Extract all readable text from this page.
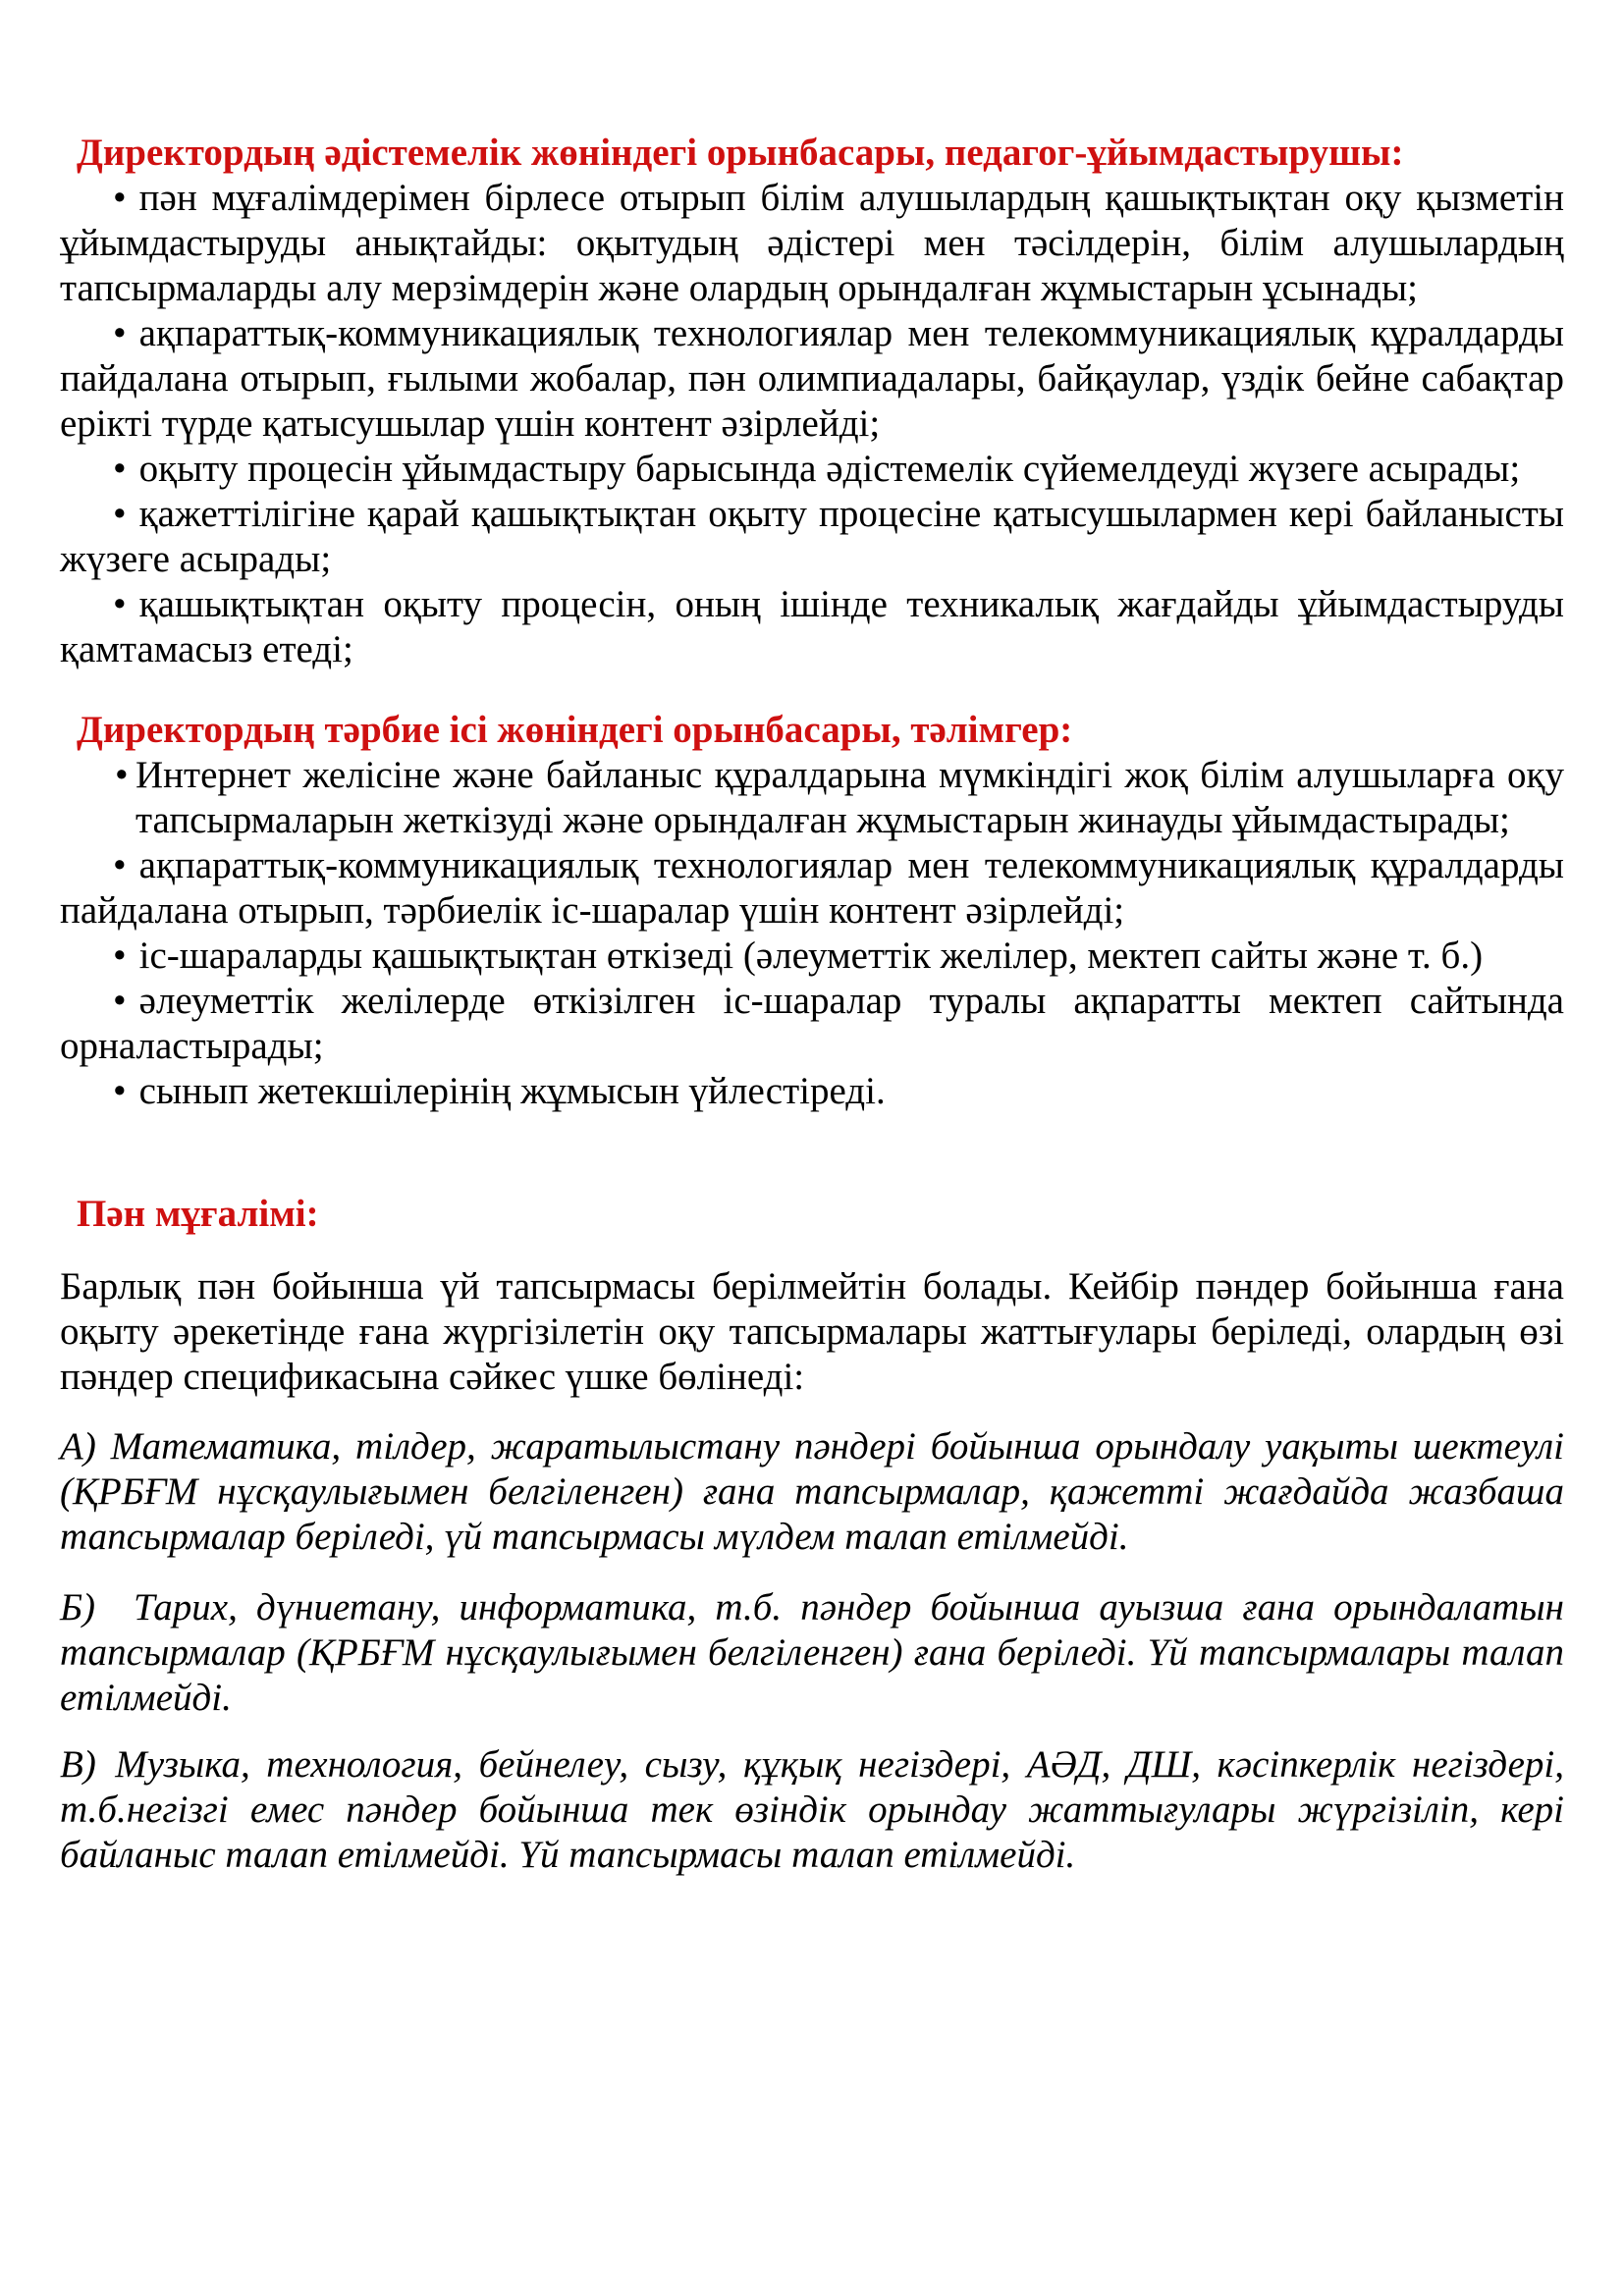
Директордың әдістемелік жөніндегі орынбасары, педагог-ұйымдастырушы:

• пән мұғалімдерімен бірлесе отырып білім алушылардың қашықтықтан оқу қызметін ұйымдастыруды анықтайды: оқытудың әдістері мен тәсілдерін, білім алушылардың тапсырмаларды алу мерзімдерін және олардың орындалған жұмыстарын ұсынады;

• ақпараттық-коммуникациялық технологиялар мен телекоммуникациялық құралдарды пайдалана отырып, ғылыми жобалар, пән олимпиадалары, байқаулар, үздік бейне сабақтар ерікті түрде қатысушылар үшін контент әзірлейді;

• оқыту процесін ұйымдастыру барысында әдістемелік сүйемелдеуді жүзеге асырады;

• қажеттілігіне қарай қашықтықтан оқыту процесіне қатысушылармен кері байланысты жүзеге асырады;

• қашықтықтан оқыту процесін, оның ішінде техникалық жағдайды ұйымдастыруды қамтамасыз етеді;

Директордың тәрбие ісі жөніндегі орынбасары, тәлімгер:

• Интернет желісіне және байланыс құралдарына мүмкіндігі жоқ білім алушыларға оқу тапсырмаларын жеткізуді және орындалған жұмыстарын жинауды ұйымдастырады;

• ақпараттық-коммуникациялық технологиялар мен телекоммуникациялық құралдарды пайдалана отырып, тәрбиелік іс-шаралар үшін контент әзірлейді;

• іс-шараларды қашықтықтан өткізеді (әлеуметтік желілер, мектеп сайты және т. б.)

• әлеуметтік желілерде өткізілген іс-шаралар туралы ақпаратты мектеп сайтында орналастырады;

• сынып жетекшілерінің жұмысын үйлестіреді.

Пән мұғалімі:

Барлық пән бойынша үй тапсырмасы берілмейтін болады. Кейбір пәндер бойынша ғана оқыту әрекетінде ғана жүргізілетін оқу тапсырмалары жаттығулары беріледі, олардың өзі пәндер спецификасына сәйкес үшке бөлінеді:

А) Математика, тілдер, жаратылыстану пәндері бойынша орындалу уақыты шектеулі (ҚРБҒМ нұсқаулығымен белгіленген) ғана тапсырмалар, қажетті жағдайда жазбаша тапсырмалар беріледі, үй тапсырмасы мүлдем талап етілмейді.

Б) Тарих, дүниетану, информатика, т.б. пәндер бойынша ауызша ғана орындалатын тапсырмалар (ҚРБҒМ нұсқаулығымен белгіленген) ғана беріледі. Үй тапсырмалары талап етілмейді.

В) Музыка, технология, бейнелеу, сызу, құқық негіздері, АӘД, ДШ, кәсіпкерлік негіздері, т.б.негізгі емес пәндер бойынша тек өзіндік орындау жаттығулары жүргізіліп, кері байланыс талап етілмейді. Үй тапсырмасы талап етілмейді.
